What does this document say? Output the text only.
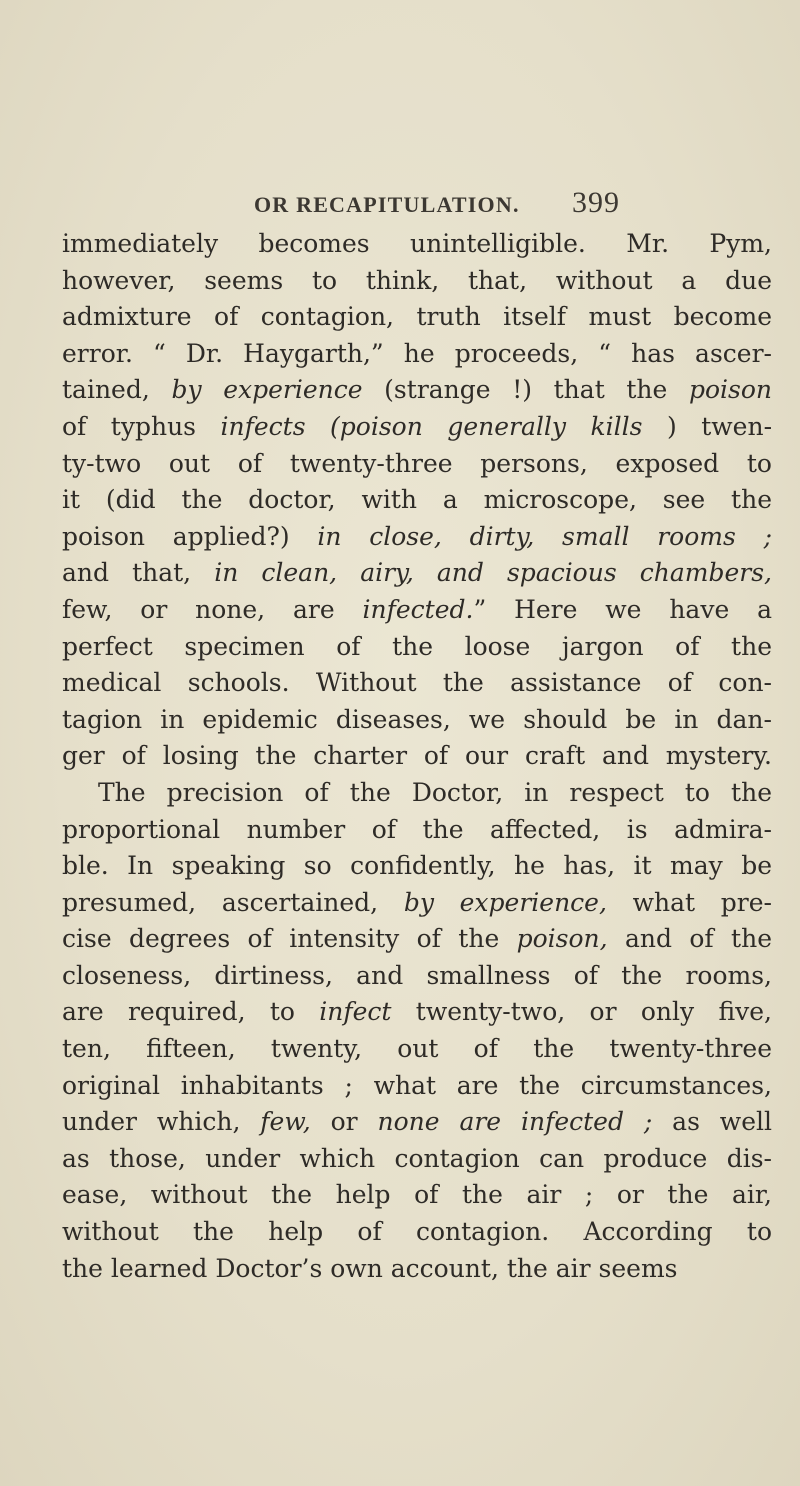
OR RECAPITULATION. 399
immediately becomes unintelligible. Mr. Pym,
however, seems to think, that, without a due
admixture of contagion, truth itself must become
error. “ Dr. Haygarth,” he proceeds, “ has ascer-
tained, by experience (strange !) that the poison
of typhus infects (poison generally kills ) twen-
ty-two out of twenty-three persons, exposed to
it (did the doctor, with a microscope, see the
poison applied?) in close, dirty, small rooms ;
and that, in clean, airy, and spacious chambers,
few, or none, are infected.” Here we have a
perfect specimen of the loose jargon of the
medical schools. Without the assistance of con-
tagion in epidemic diseases, we should be in dan-
ger of losing the charter of our craft and mystery.
The precision of the Doctor, in respect to the
proportional number of the affected, is admira-
ble. In speaking so confidently, he has, it may be
presumed, ascertained, by experience, what pre-
cise degrees of intensity of the poison, and of the
closeness, dirtiness, and smallness of the rooms,
are required, to infect twenty-two, or only five,
ten, fifteen, twenty, out of the twenty-three
original inhabitants ; what are the circumstances,
under which, few, or none are infected ; as well
as those, under which contagion can produce dis-
ease, without the help of the air ; or the air,
without the help of contagion. According to
the learned Doctor’s own account, the air seems
